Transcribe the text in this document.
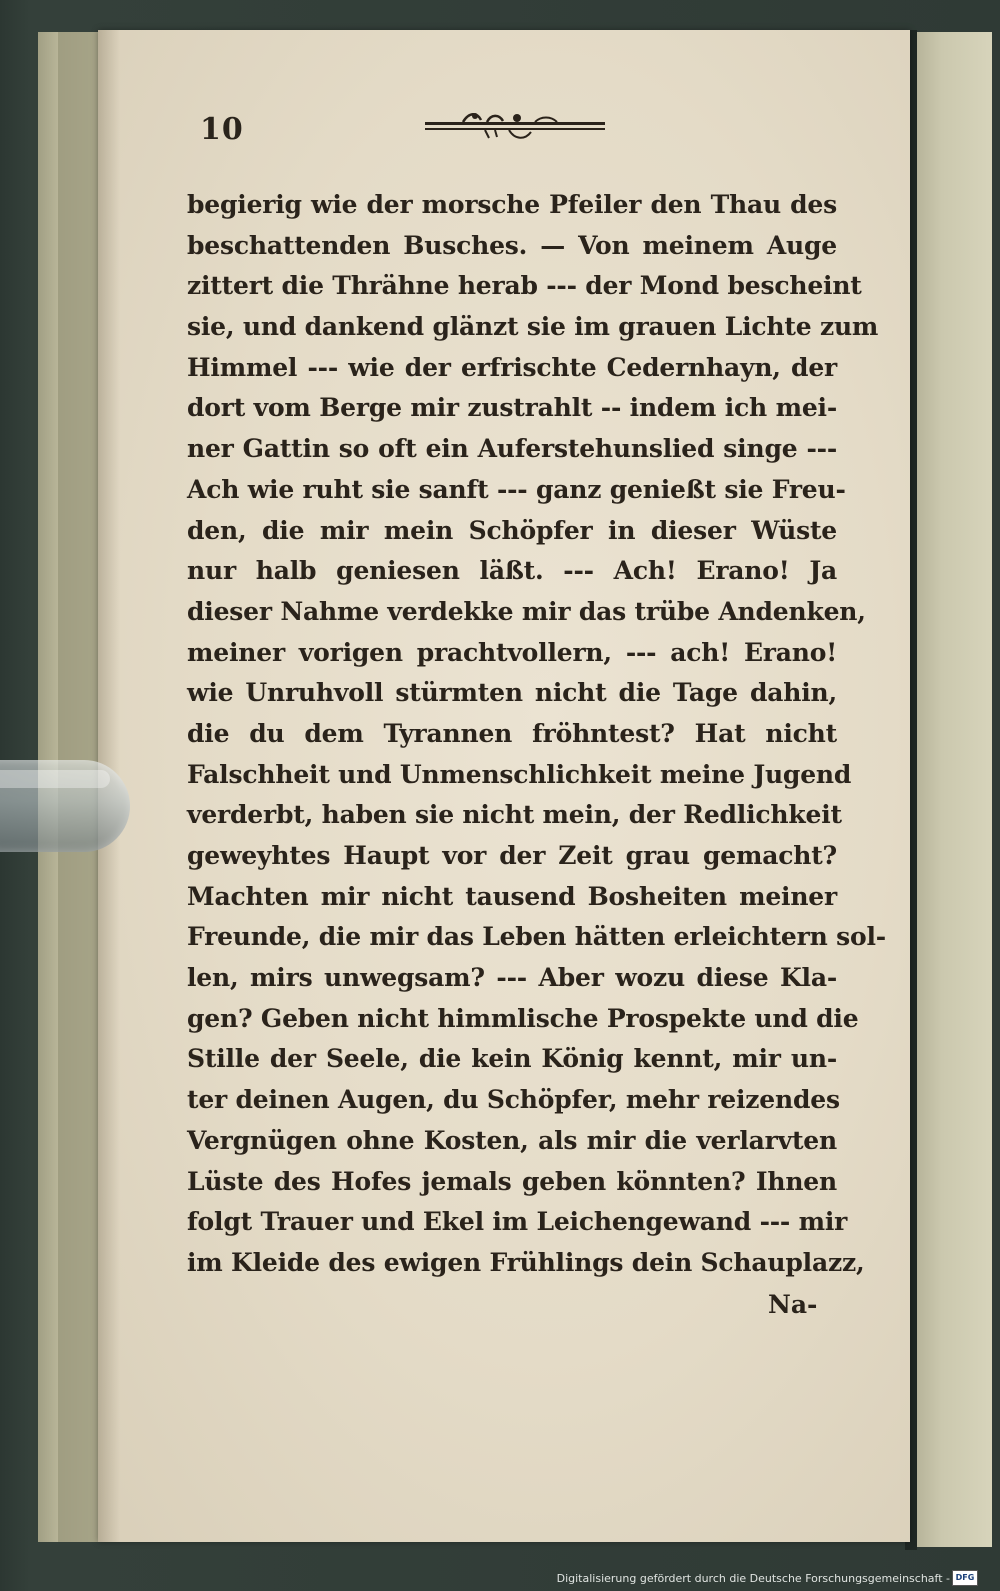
10
begierig wie der morsche Pfeiler den Thau des
beschattenden Busches. — Von meinem Auge
zittert die Thrähne herab --- der Mond bescheint
sie, und dankend glänzt sie im grauen Lichte zum
Himmel --- wie der erfrischte Cedernhayn, der
dort vom Berge mir zustrahlt -- indem ich mei-
ner Gattin so oft ein Auferstehunslied singe ---
Ach wie ruht sie sanft --- ganz genießt sie Freu-
den, die mir mein Schöpfer in dieser Wüste
nur halb geniesen läßt. --- Ach! Erano! Ja
dieser Nahme verdekke mir das trübe Andenken,
meiner vorigen prachtvollern, --- ach! Erano!
wie Unruhvoll stürmten nicht die Tage dahin,
die du dem Tyrannen fröhntest? Hat nicht
Falschheit und Unmenschlichkeit meine Jugend
verderbt, haben sie nicht mein, der Redlichkeit
geweyhtes Haupt vor der Zeit grau gemacht?
Machten mir nicht tausend Bosheiten meiner
Freunde, die mir das Leben hätten erleichtern sol-
len, mirs unwegsam? --- Aber wozu diese Kla-
gen? Geben nicht himmlische Prospekte und die
Stille der Seele, die kein König kennt, mir un-
ter deinen Augen, du Schöpfer, mehr reizendes
Vergnügen ohne Kosten, als mir die verlarvten
Lüste des Hofes jemals geben könnten? Ihnen
folgt Trauer und Ekel im Leichengewand --- mir
im Kleide des ewigen Frühlings dein Schauplazz,
Na-
Digitalisierung gefördert durch die Deutsche Forschungsgemeinschaft - DFG
